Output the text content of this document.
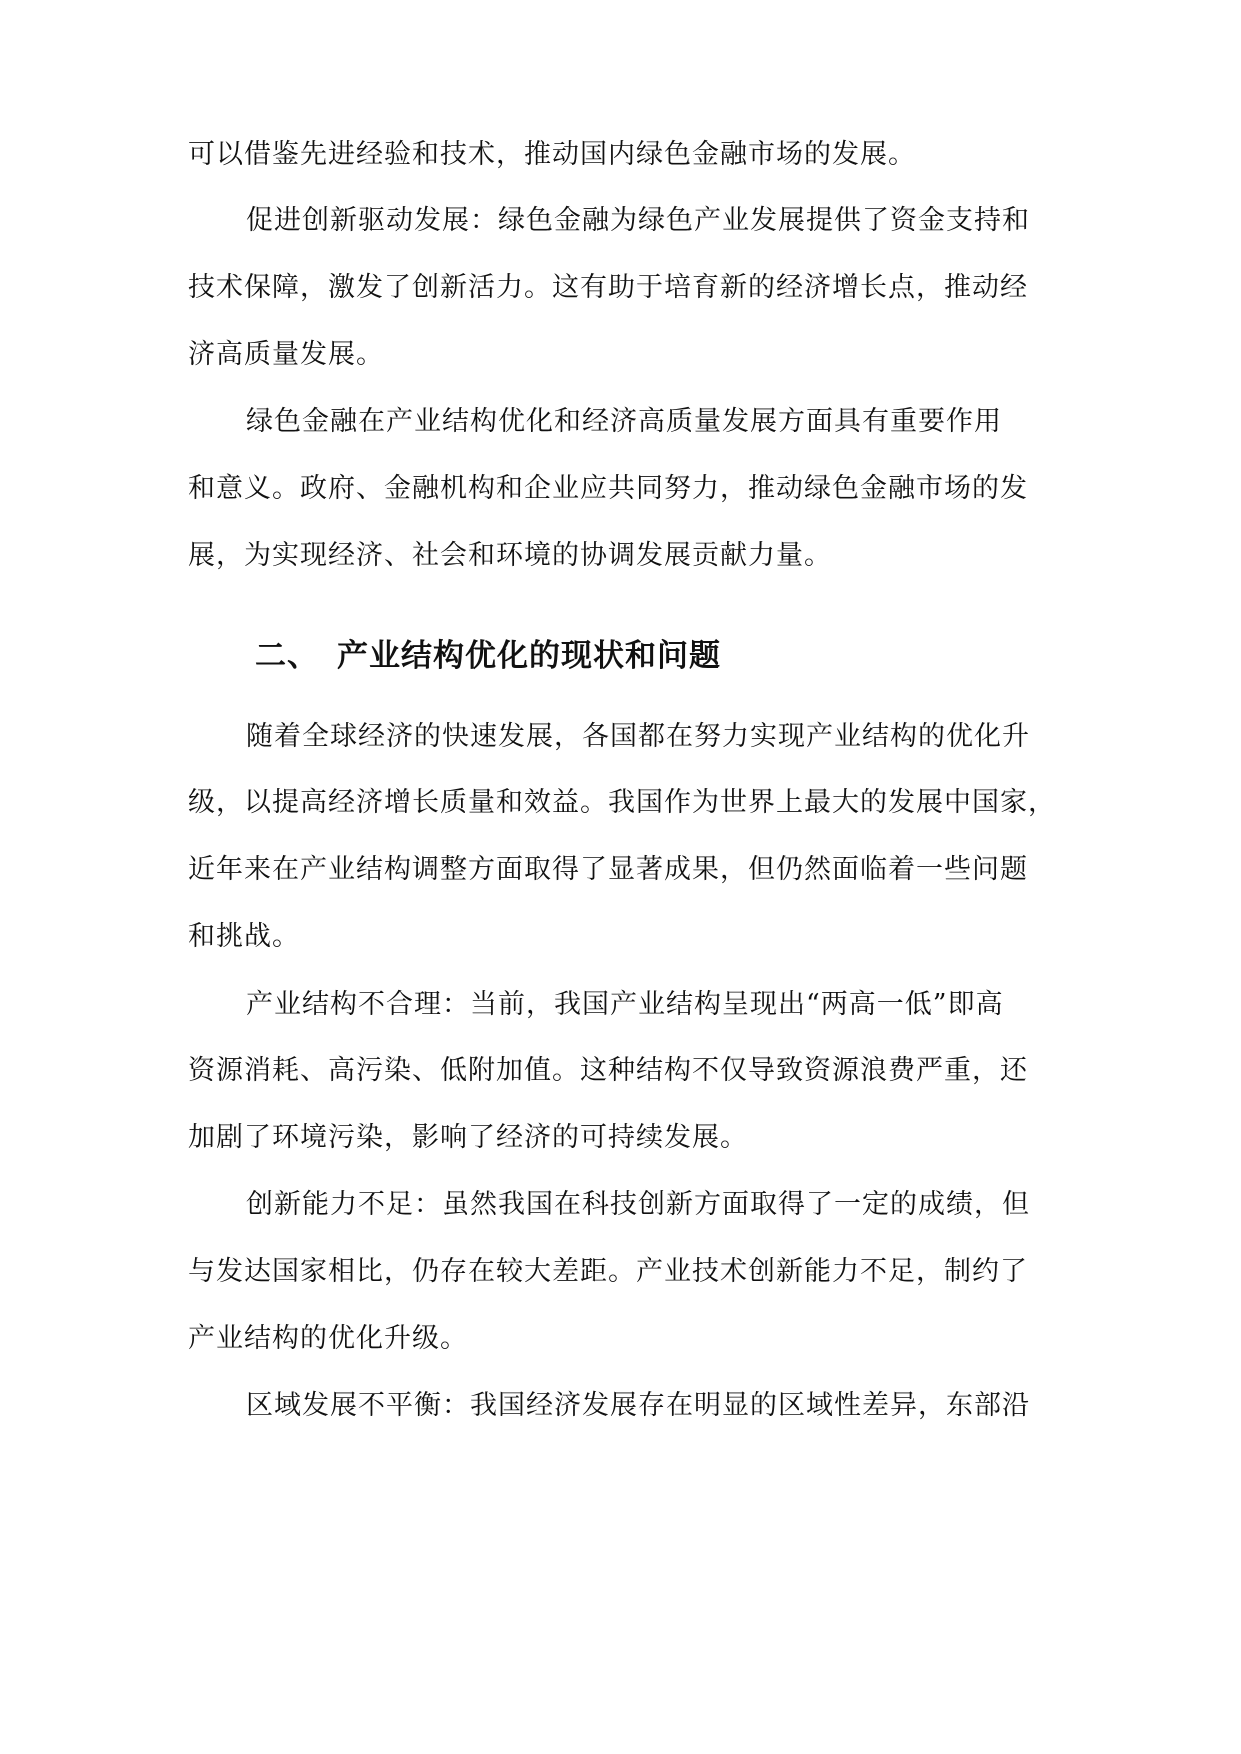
可以借鉴先进经验和技术，推动国内绿色金融市场的发展。
促进创新驱动发展：绿色金融为绿色产业发展提供了资金支持和
技术保障，激发了创新活力。这有助于培育新的经济增长点，推动经
济高质量发展。
绿色金融在产业结构优化和经济高质量发展方面具有重要作用
和意义。政府、金融机构和企业应共同努力，推动绿色金融市场的发
展，为实现经济、社会和环境的协调发展贡献力量。
二、 产业结构优化的现状和问题
随着全球经济的快速发展，各国都在努力实现产业结构的优化升
级，以提高经济增长质量和效益。我国作为世界上最大的发展中国家，
近年来在产业结构调整方面取得了显著成果，但仍然面临着一些问题
和挑战。
产业结构不合理：当前，我国产业结构呈现出“两高一低”即高
资源消耗、高污染、低附加值。这种结构不仅导致资源浪费严重，还
加剧了环境污染，影响了经济的可持续发展。
创新能力不足：虽然我国在科技创新方面取得了一定的成绩，但
与发达国家相比，仍存在较大差距。产业技术创新能力不足，制约了
产业结构的优化升级。
区域发展不平衡：我国经济发展存在明显的区域性差异，东部沿
